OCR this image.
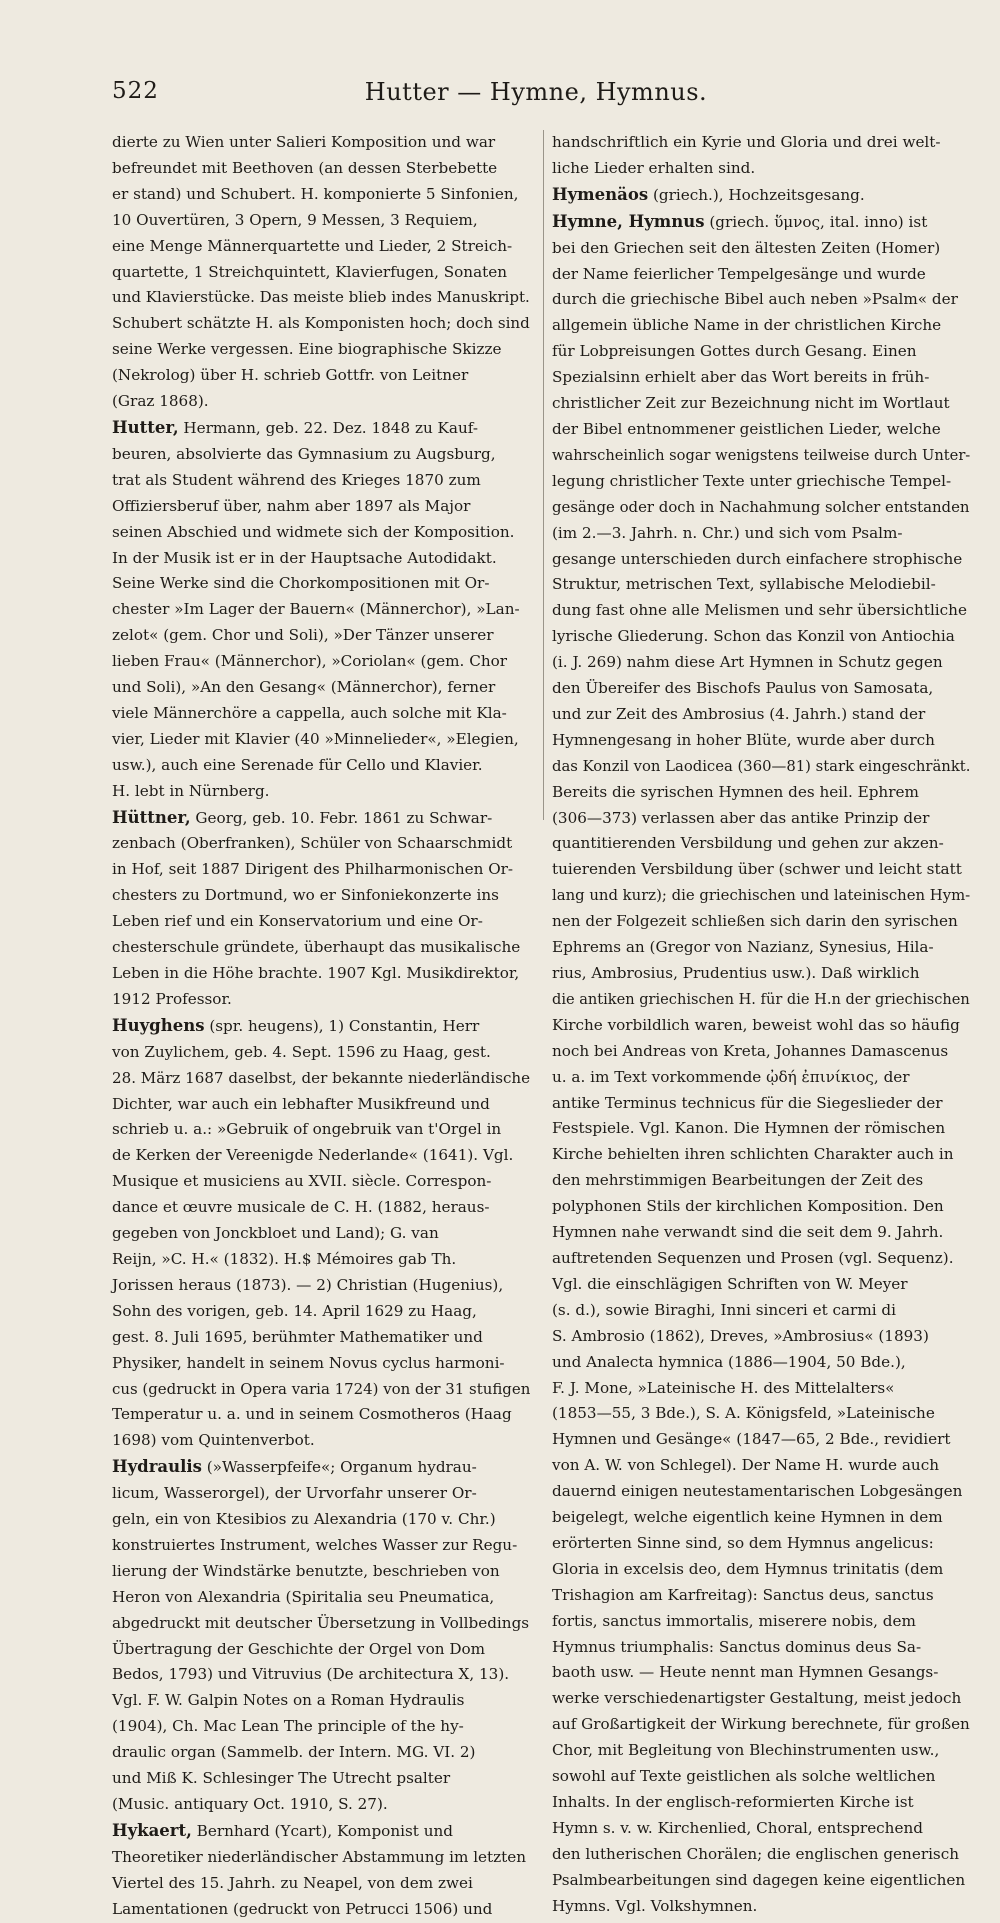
522	Hutter — Hymne, Hymnus.
dierte zu Wien unter Salieri Komposition und war
befreundet mit Beethoven (an dessen Sterbebette
er stand) und Schubert. H. komponierte 5 Sinfonien,
10 Ouvertüren, 3 Opern, 9 Messen, 3 Requiem,
eine Menge Männerquartette und Lieder, 2 Streich-
quartette, 1 Streichquintett, Klavierfugen, Sonaten
und Klavierstücke. Das meiste blieb indes Manuskript.
Schubert schätzte H. als Komponisten hoch; doch sind
seine Werke vergessen. Eine biographische Skizze
(Nekrolog) über H. schrieb Gottfr. von Leitner
(Graz 1868).
Hutter, Hermann, geb. 22. Dez. 1848 zu Kauf-
beuren, absolvierte das Gymnasium zu Augsburg,
trat als Student während des Krieges 1870 zum
Offiziersberuf über, nahm aber 1897 als Major
seinen Abschied und widmete sich der Komposition.
In der Musik ist er in der Hauptsache Autodidakt.
Seine Werke sind die Chorkompositionen mit Or-
chester »Im Lager der Bauern« (Männerchor), »Lan-
zelot« (gem. Chor und Soli), »Der Tänzer unserer
lieben Frau« (Männerchor), »Coriolan« (gem. Chor
und Soli), »An den Gesang« (Männerchor), ferner
viele Männerchöre a cappella, auch solche mit Kla-
vier, Lieder mit Klavier (40 »Minnelieder«, »Elegien,
usw.), auch eine Serenade für Cello und Klavier.
H. lebt in Nürnberg.
Hüttner, Georg, geb. 10. Febr. 1861 zu Schwar-
zenbach (Oberfranken), Schüler von Schaarschmidt
in Hof, seit 1887 Dirigent des Philharmonischen Or-
chesters zu Dortmund, wo er Sinfoniekonzerte ins
Leben rief und ein Konservatorium und eine Or-
chesterschule gründete, überhaupt das musikalische
Leben in die Höhe brachte. 1907 Kgl. Musikdirektor,
1912 Professor.
Huyghens (spr. heugens), 1) Constantin, Herr
von Zuylichem, geb. 4. Sept. 1596 zu Haag, gest.
28. März 1687 daselbst, der bekannte niederländische
Dichter, war auch ein lebhafter Musikfreund und
schrieb u. a.: »Gebruik of ongebruik van t'Orgel in
de Kerken der Vereenigde Nederlande« (1641). Vgl.
Musique et musiciens au XVII. siècle. Correspon-
dance et œuvre musicale de C. H. (1882, heraus-
gegeben von Jonckbloet und Land); G. van
Reijn, »C. H.« (1832). H.$ Mémoires gab Th.
Jorissen heraus (1873). — 2) Christian (Hugenius),
Sohn des vorigen, geb. 14. April 1629 zu Haag,
gest. 8. Juli 1695, berühmter Mathematiker und
Physiker, handelt in seinem Novus cyclus harmoni-
cus (gedruckt in Opera varia 1724) von der 31 stufigen
Temperatur u. a. und in seinem Cosmotheros (Haag
1698) vom Quintenverbot.
Hydraulis (»Wasserpfeife«; Organum hydrau-
licum, Wasserorgel), der Urvorfahr unserer Or-
geln, ein von Ktesibios zu Alexandria (170 v. Chr.)
konstruiertes Instrument, welches Wasser zur Regu-
lierung der Windstärke benutzte, beschrieben von
Heron von Alexandria (Spiritalia seu Pneumatica,
abgedruckt mit deutscher Übersetzung in Vollbedings
Übertragung der Geschichte der Orgel von Dom
Bedos, 1793) und Vitruvius (De architectura X, 13).
Vgl. F. W. Galpin Notes on a Roman Hydraulis
(1904), Ch. Mac Lean The principle of the hy-
draulic organ (Sammelb. der Intern. MG. VI. 2)
und Miß K. Schlesinger The Utrecht psalter
(Music. antiquary Oct. 1910, S. 27).
Hykaert, Bernhard (Ycart), Komponist und
Theoretiker niederländischer Abstammung im letzten
Viertel des 15. Jahrh. zu Neapel, von dem zwei
Lamentationen (gedruckt von Petrucci 1506) und
handschriftlich ein Kyrie und Gloria und drei welt-
liche Lieder erhalten sind.
Hymenäos (griech.), Hochzeitsgesang.
Hymne, Hymnus (griech. ὕμνος, ital. inno) ist
bei den Griechen seit den ältesten Zeiten (Homer)
der Name feierlicher Tempelgesänge und wurde
durch die griechische Bibel auch neben »Psalm« der
allgemein übliche Name in der christlichen Kirche
für Lobpreisungen Gottes durch Gesang. Einen
Spezialsinn erhielt aber das Wort bereits in früh-
christlicher Zeit zur Bezeichnung nicht im Wortlaut
der Bibel entnommener geistlichen Lieder, welche
wahrscheinlich sogar wenigstens teilweise durch Unter-
legung christlicher Texte unter griechische Tempel-
gesänge oder doch in Nachahmung solcher entstanden
(im 2.—3. Jahrh. n. Chr.) und sich vom Psalm-
gesange unterschieden durch einfachere strophische
Struktur, metrischen Text, syllabische Melodiebil-
dung fast ohne alle Melismen und sehr übersichtliche
lyrische Gliederung. Schon das Konzil von Antiochia
(i. J. 269) nahm diese Art Hymnen in Schutz gegen
den Übereifer des Bischofs Paulus von Samosata,
und zur Zeit des Ambrosius (4. Jahrh.) stand der
Hymnengesang in hoher Blüte, wurde aber durch
das Konzil von Laodicea (360—81) stark eingeschränkt.
Bereits die syrischen Hymnen des heil. Ephrem
(306—373) verlassen aber das antike Prinzip der
quantitierenden Versbildung und gehen zur akzen-
tuierenden Versbildung über (schwer und leicht statt
lang und kurz); die griechischen und lateinischen Hym-
nen der Folgezeit schließen sich darin den syrischen
Ephrems an (Gregor von Nazianz, Synesius, Hila-
rius, Ambrosius, Prudentius usw.). Daß wirklich
die antiken griechischen H. für die H.n der griechischen
Kirche vorbildlich waren, beweist wohl das so häufig
noch bei Andreas von Kreta, Johannes Damascenus
u. a. im Text vorkommende ᾠδή ἐπινίκιος, der
antike Terminus technicus für die Siegeslieder der
Festspiele. Vgl. Kanon. Die Hymnen der römischen
Kirche behielten ihren schlichten Charakter auch in
den mehrstimmigen Bearbeitungen der Zeit des
polyphonen Stils der kirchlichen Komposition. Den
Hymnen nahe verwandt sind die seit dem 9. Jahrh.
auftretenden Sequenzen und Prosen (vgl. Sequenz).
Vgl. die einschlägigen Schriften von W. Meyer
(s. d.), sowie Biraghi, Inni sinceri et carmi di
S. Ambrosio (1862), Dreves, »Ambrosius« (1893)
und Analecta hymnica (1886—1904, 50 Bde.),
F. J. Mone, »Lateinische H. des Mittelalters«
(1853—55, 3 Bde.), S. A. Königsfeld, »Lateinische
Hymnen und Gesänge« (1847—65, 2 Bde., revidiert
von A. W. von Schlegel). Der Name H. wurde auch
dauernd einigen neutestamentarischen Lobgesängen
beigelegt, welche eigentlich keine Hymnen in dem
erörterten Sinne sind, so dem Hymnus angelicus:
Gloria in excelsis deo, dem Hymnus trinitatis (dem
Trishagion am Karfreitag): Sanctus deus, sanctus
fortis, sanctus immortalis, miserere nobis, dem
Hymnus triumphalis: Sanctus dominus deus Sa-
baoth usw. — Heute nennt man Hymnen Gesangs-
werke verschiedenartigster Gestaltung, meist jedoch
auf Großartigkeit der Wirkung berechnete, für großen
Chor, mit Begleitung von Blechinstrumenten usw.,
sowohl auf Texte geistlichen als solche weltlichen
Inhalts. In der englisch-reformierten Kirche ist
Hymn s. v. w. Kirchenlied, Choral, entsprechend
den lutherischen Chorälen; die englischen generisch
Psalmbearbeitungen sind dagegen keine eigentlichen
Hymns. Vgl. Volkshymnen.
